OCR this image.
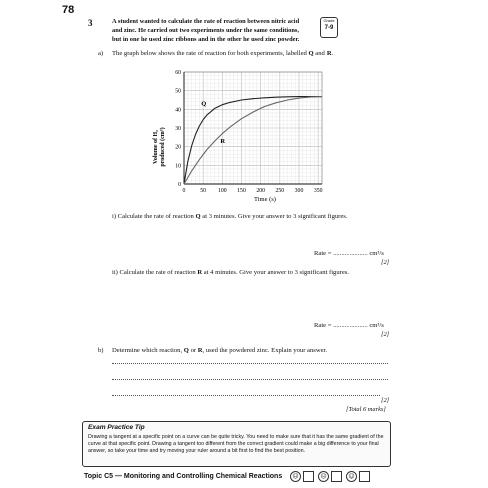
78
3	A student wanted to calculate the rate of reaction between nitric acid and zinc. He carried out two experiments under the same conditions, but in one he used zinc ribbons and in the other he used zinc powder.
Grade
7-9
a) The graph below shows the rate of reaction for both experiments, labelled Q and R.
0	50 100 150 200 250 300 350
0
10
20
30
40
50
60
Q
R
Time (s)
Volume of H₂ produced (cm³)
i) Calculate the rate of reaction Q at 3 minutes. Give your answer to 3 significant figures.
Rate = ..................... cm³/s
[2]
ii) Calculate the rate of reaction R at 4 minutes. Give your answer to 3 significant figures.
Rate = ..................... cm³/s
[2]
b) Determine which reaction, Q or R, used the powdered zinc. Explain your answer.
[2]
[Total 6 marks]
Exam Practice Tip
Drawing a tangent at a specific point on a curve can be quite tricky. You need to make sure that it has the same gradient of the curve at that specific point. Drawing a tangent too different from the correct gradient could make a big difference to your final answer, so take your time and try moving your ruler around a bit first to find the best position.
Topic C5 — Monitoring and Controlling Chemical Reactions	☹	😐	☺
